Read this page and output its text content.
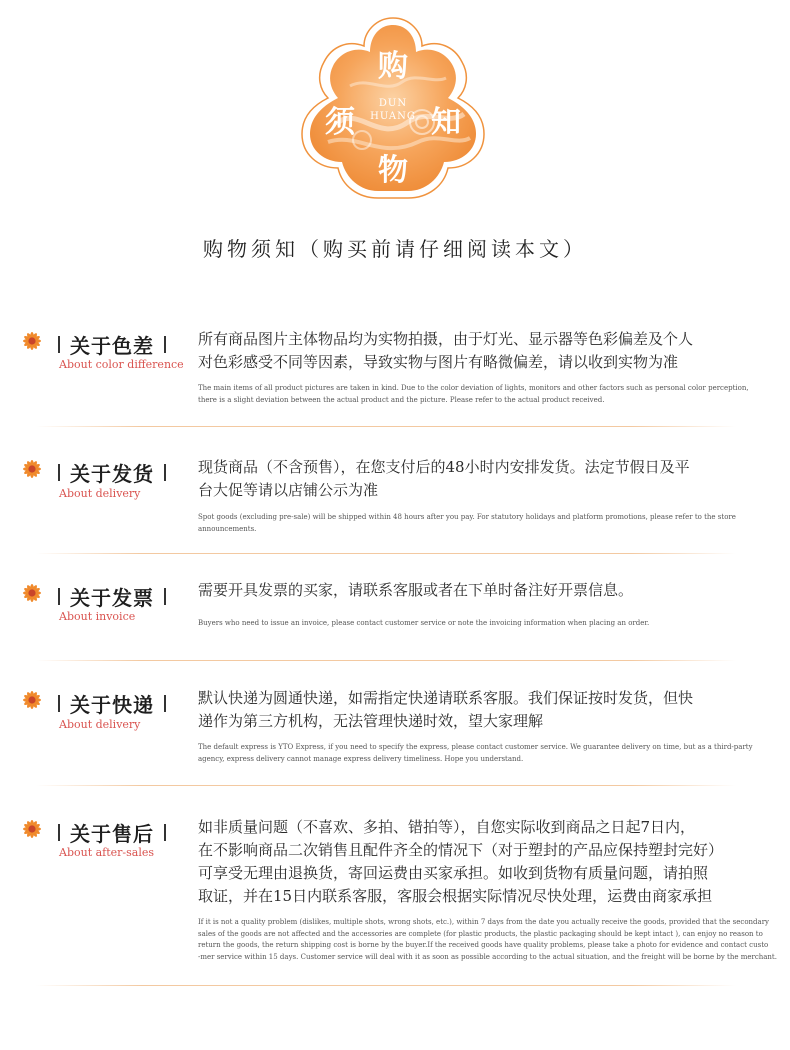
购
须	知
物
DUN
HUANG
购物须知（购买前请仔细阅读本文）
关于色差
About color difference

所有商品图片主体物品均为实物拍摄，由于灯光、显示器等色彩偏差及个人
对色彩感受不同等因素，导致实物与图片有略微偏差，请以收到实物为准

The main items of all product pictures are taken in kind. Due to the color deviation of lights, monitors and other factors such as personal color perception,
there is a slight deviation between the actual product and the picture. Please refer to the actual product received.

关于发货
About delivery

现货商品（不含预售），在您支付后的48小时内安排发货。法定节假日及平
台大促等请以店铺公示为准

Spot goods (excluding pre-sale) will be shipped within 48 hours after you pay. For statutory holidays and platform promotions, please refer to the store
announcements.

关于发票
About invoice

需要开具发票的买家，请联系客服或者在下单时备注好开票信息。

Buyers who need to issue an invoice, please contact customer service or note the invoicing information when placing an order.

关于快递
About delivery

默认快递为圆通快递，如需指定快递请联系客服。我们保证按时发货，但快
递作为第三方机构，无法管理快递时效，望大家理解

The default express is YTO Express, if you need to specify the express, please contact customer service. We guarantee delivery on time, but as a third-party
agency, express delivery cannot manage express delivery timeliness. Hope you understand.

关于售后
About after-sales

如非质量问题（不喜欢、多拍、错拍等），自您实际收到商品之日起7日内，
在不影响商品二次销售且配件齐全的情况下（对于塑封的产品应保持塑封完好）
可享受无理由退换货，寄回运费由买家承担。如收到货物有质量问题，请拍照
取证，并在15日内联系客服，客服会根据实际情况尽快处理，运费由商家承担

If it is not a quality problem (dislikes, multiple shots, wrong shots, etc.), within 7 days from the date you actually receive the goods, provided that the secondary
sales of the goods are not affected and the accessories are complete (for plastic products, the plastic packaging should be kept intact ), can enjoy no reason to
return the goods, the return shipping cost is borne by the buyer.If the received goods have quality problems, please take a photo for evidence and contact custo
-mer service within 15 days. Customer service will deal with it as soon as possible according to the actual situation, and the freight will be borne by the merchant.
